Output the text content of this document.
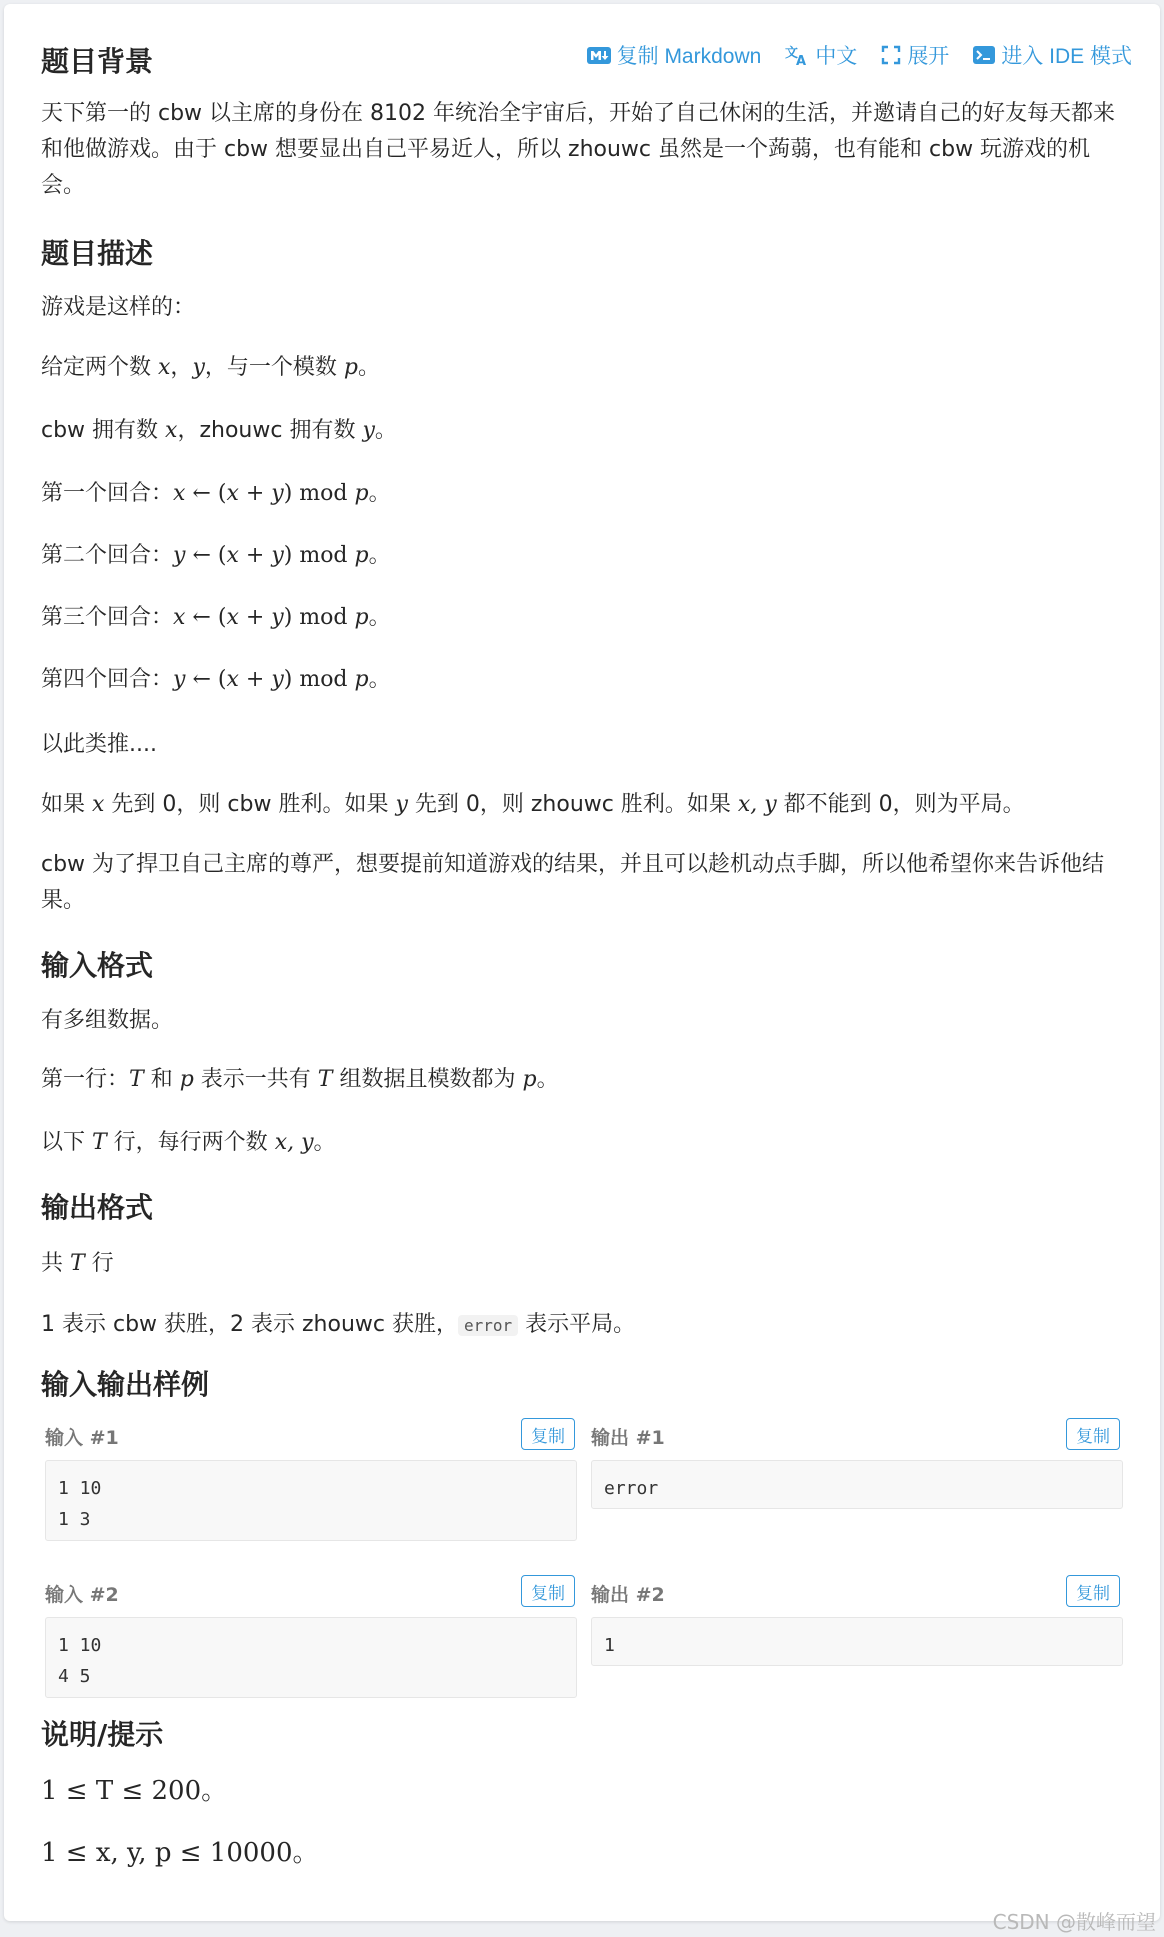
复制 Markdown 文
A 中文 展开 进入 IDE 模式
题目背景

天下第一的 cbw 以主席的身份在 8102 年统治全宇宙后，开始了自己休闲的生活，并邀请自己的好友每天都来和他做游戏。由于 cbw 想要显出自己平易近人，所以 zhouwc 虽然是一个蒟蒻，也有能和 cbw 玩游戏的机会。

题目描述

游戏是这样的：

给定两个数 x，y，与一个模数 p。

cbw 拥有数 x，zhouwc 拥有数 y。

第一个回合：x ← (x + y) mod p。

第二个回合：y ← (x + y) mod p。

第三个回合：x ← (x + y) mod p。

第四个回合：y ← (x + y) mod p。

以此类推....

如果 x 先到 0，则 cbw 胜利。如果 y 先到 0，则 zhouwc 胜利。如果 x, y 都不能到 0，则为平局。

cbw 为了捍卫自己主席的尊严，想要提前知道游戏的结果，并且可以趁机动点手脚，所以他希望你来告诉他结果。

输入格式

有多组数据。

第一行：T 和 p 表示一共有 T 组数据且模数都为 p。

以下 T 行，每行两个数 x, y。

输出格式

共 T 行

1 表示 cbw 获胜，2 表示 zhouwc 获胜， error 表示平局。

输入输出样例
输入 #1	复制
1 10
1 3
输出 #1	复制
error
输入 #2	复制
1 10
4 5
输出 #2	复制
1
说明/提示

1 ≤ T ≤ 200。

1 ≤ x, y, p ≤ 10000。

CSDN @散峰而望
